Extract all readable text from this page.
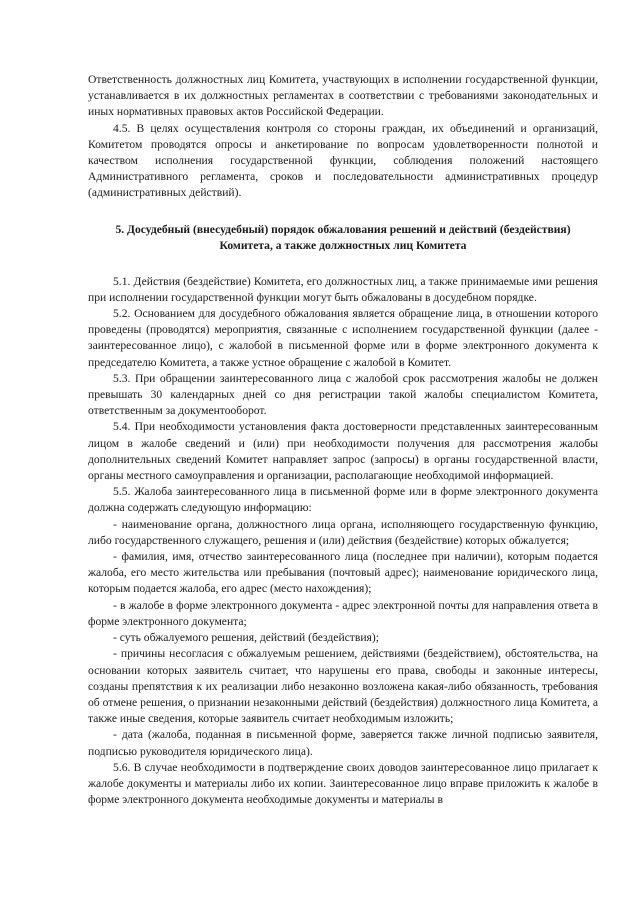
Ответственность должностных лиц Комитета, участвующих в исполнении государственной функции, устанавливается в их должностных регламентах в соответствии с требованиями законодательных и иных нормативных правовых актов Российской Федерации.

4.5. В целях осуществления контроля со стороны граждан, их объединений и организаций, Комитетом проводятся опросы и анкетирование по вопросам удовлетворенности полнотой и качеством исполнения государственной функции, соблюдения положений настоящего Административного регламента, сроков и последовательности административных процедур (административных действий).

5. Досудебный (внесудебный) порядок обжалования решений и действий (бездействия)
Комитета, а также должностных лиц Комитета

5.1. Действия (бездействие) Комитета, его должностных лиц, а также принимаемые ими решения при исполнении государственной функции могут быть обжалованы в досудебном порядке.

5.2. Основанием для досудебного обжалования является обращение лица, в отношении которого проведены (проводятся) мероприятия, связанные с исполнением государственной функции (далее - заинтересованное лицо), с жалобой в письменной форме или в форме электронного документа к председателю Комитета, а также устное обращение с жалобой в Комитет.

5.3. При обращении заинтересованного лица с жалобой срок рассмотрения жалобы не должен превышать 30 календарных дней со дня регистрации такой жалобы специалистом Комитета, ответственным за документооборот.

5.4. При необходимости установления факта достоверности представленных заинтересованным лицом в жалобе сведений и (или) при необходимости получения для рассмотрения жалобы дополнительных сведений Комитет направляет запрос (запросы) в органы государственной власти, органы местного самоуправления и организации, располагающие необходимой информацией.

5.5. Жалоба заинтересованного лица в письменной форме или в форме электронного документа должна содержать следующую информацию:

- наименование органа, должностного лица органа, исполняющего государственную функцию, либо государственного служащего, решения и (или) действия (бездействие) которых обжалуется;

- фамилия, имя, отчество заинтересованного лица (последнее при наличии), которым подается жалоба, его место жительства или пребывания (почтовый адрес); наименование юридического лица, которым подается жалоба, его адрес (место нахождения);

- в жалобе в форме электронного документа - адрес электронной почты для направления ответа в форме электронного документа;

- суть обжалуемого решения, действий (бездействия);

- причины несогласия с обжалуемым решением, действиями (бездействием), обстоятельства, на основании которых заявитель считает, что нарушены его права, свободы и законные интересы, созданы препятствия к их реализации либо незаконно возложена какая-либо обязанность, требования об отмене решения, о признании незаконными действий (бездействия) должностного лица Комитета, а также иные сведения, которые заявитель считает необходимым изложить;

- дата (жалоба, поданная в письменной форме, заверяется также личной подписью заявителя, подписью руководителя юридического лица).

5.6. В случае необходимости в подтверждение своих доводов заинтересованное лицо прилагает к жалобе документы и материалы либо их копии. Заинтересованное лицо вправе приложить к жалобе в форме электронного документа необходимые документы и материалы в
